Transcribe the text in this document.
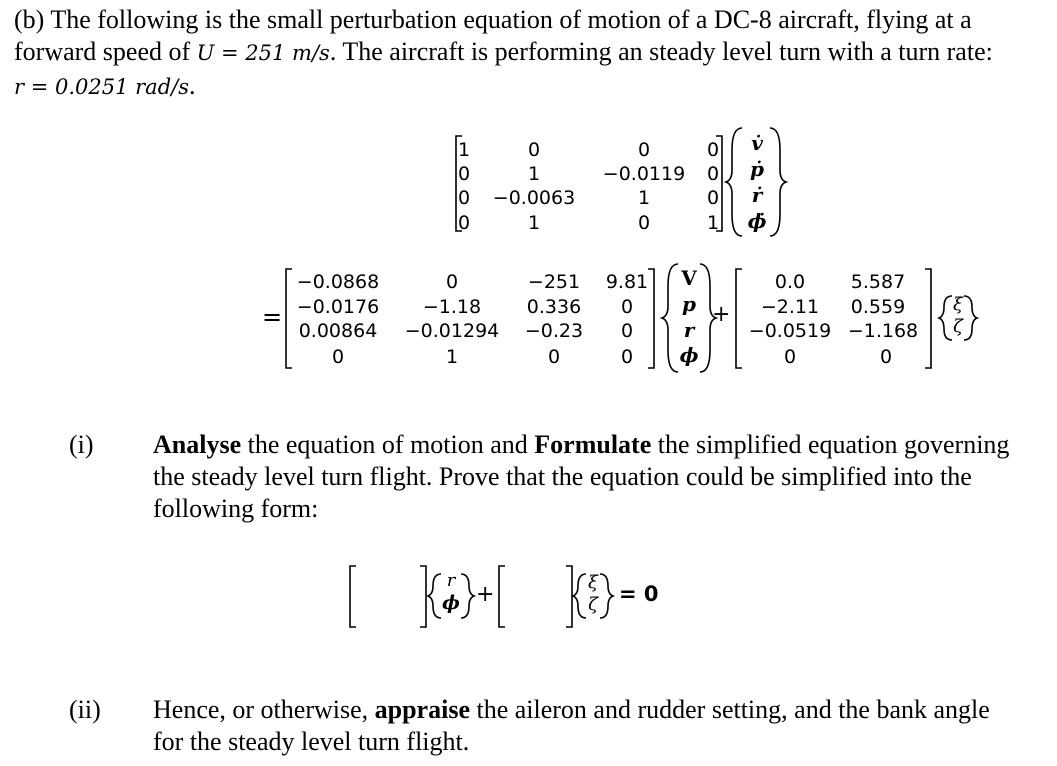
(b) The following is the small perturbation equation of motion of a DC-8 aircraft, flying at a
forward speed of U = 251 m/s. The aircraft is performing an steady level turn with a turn rate:
r = 0.0251 rad/s.
1	0	0	0
0	1	−0.0119 0
0 −0.0063	1	0
0	1	0	1
v̇
ṗ
ṙ
ϕ̇
=
−0.0868	0	−251 9.81
−0.0176 −1.18 0.336 0
0.00864 −0.01294 −0.23 0
0	1	0	0
V
p
r
ϕ
+
0.0 5.587
−2.11 0.559
−0.0519 −1.168
0	0
ξ
ζ
(i) Analyse the equation of motion and Formulate the simplified equation governing
the steady level turn flight. Prove that the equation could be simplified into the
following form:
r
ϕ +	ξ
ζ = 0
(ii) Hence, or otherwise, appraise the aileron and rudder setting, and the bank angle
for the steady level turn flight.
